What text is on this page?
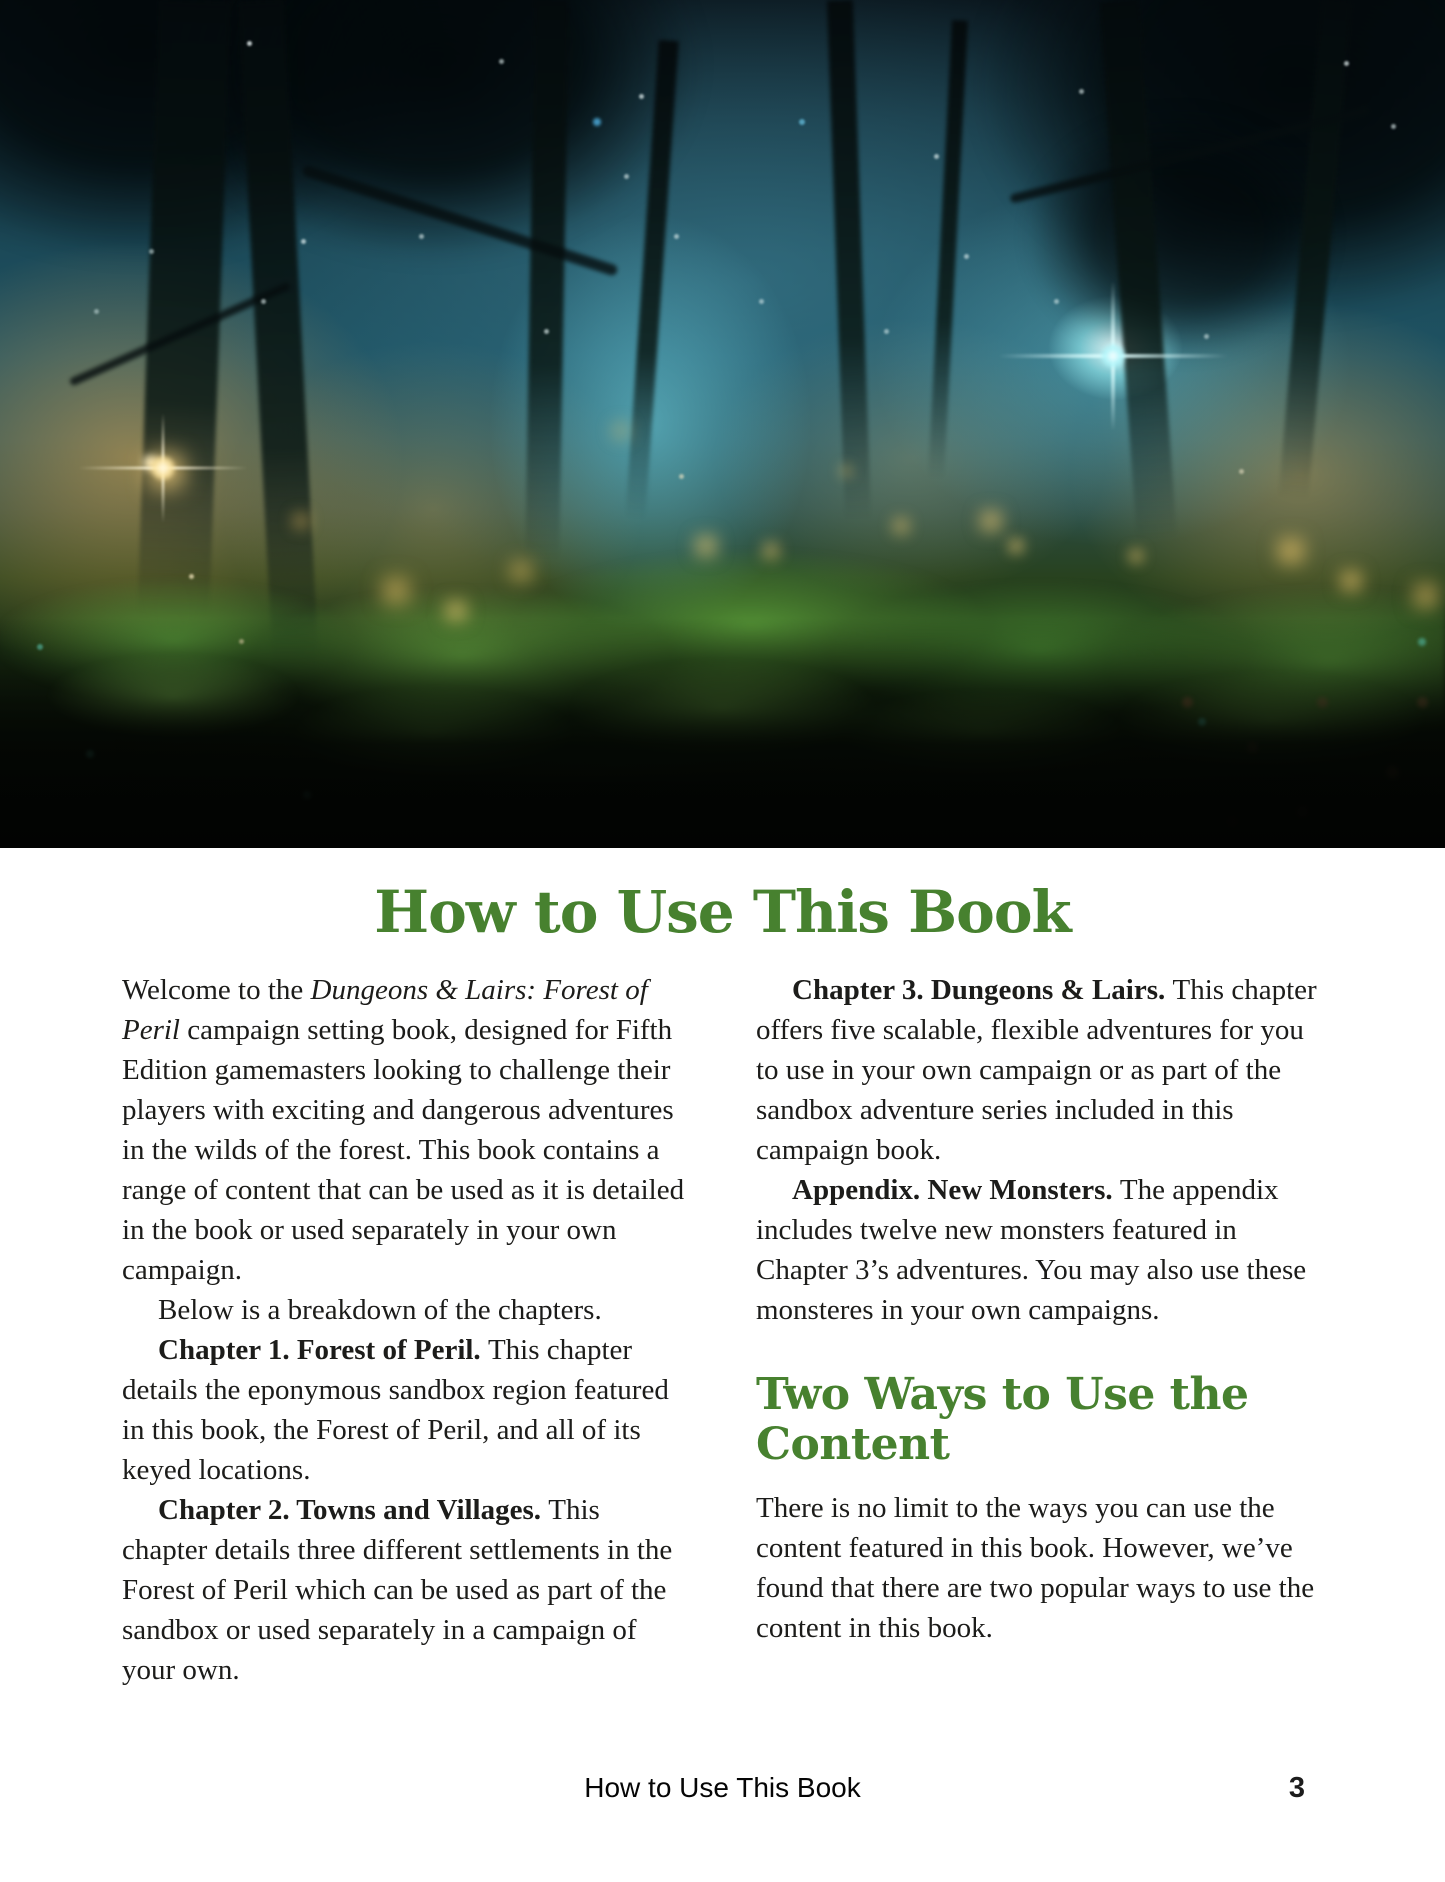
How to Use This Book

Welcome to the Dungeons & Lairs: Forest of Peril campaign setting book, designed for Fifth Edition gamemasters looking to challenge their players with exciting and dangerous adventures in the wilds of the forest. This book contains a range of content that can be used as it is detailed in the book or used separately in your own campaign.

Below is a breakdown of the chapters.

Chapter 1. Forest of Peril. This chapter details the eponymous sandbox region featured in this book, the Forest of Peril, and all of its keyed locations.

Chapter 2. Towns and Villages. This chapter details three different settlements in the Forest of Peril which can be used as part of the sandbox or used separately in a campaign of your own.

Chapter 3. Dungeons & Lairs. This chapter offers five scalable, flexible adventures for you to use in your own campaign or as part of the sandbox adventure series included in this campaign book.

Appendix. New Monsters. The appendix includes twelve new monsters featured in Chapter 3’s adventures. You may also use these monsteres in your own campaigns.

Two Ways to Use the Content

There is no limit to the ways you can use the content featured in this book. However, we’ve found that there are two popular ways to use the content in this book.

How to Use This Book	3
